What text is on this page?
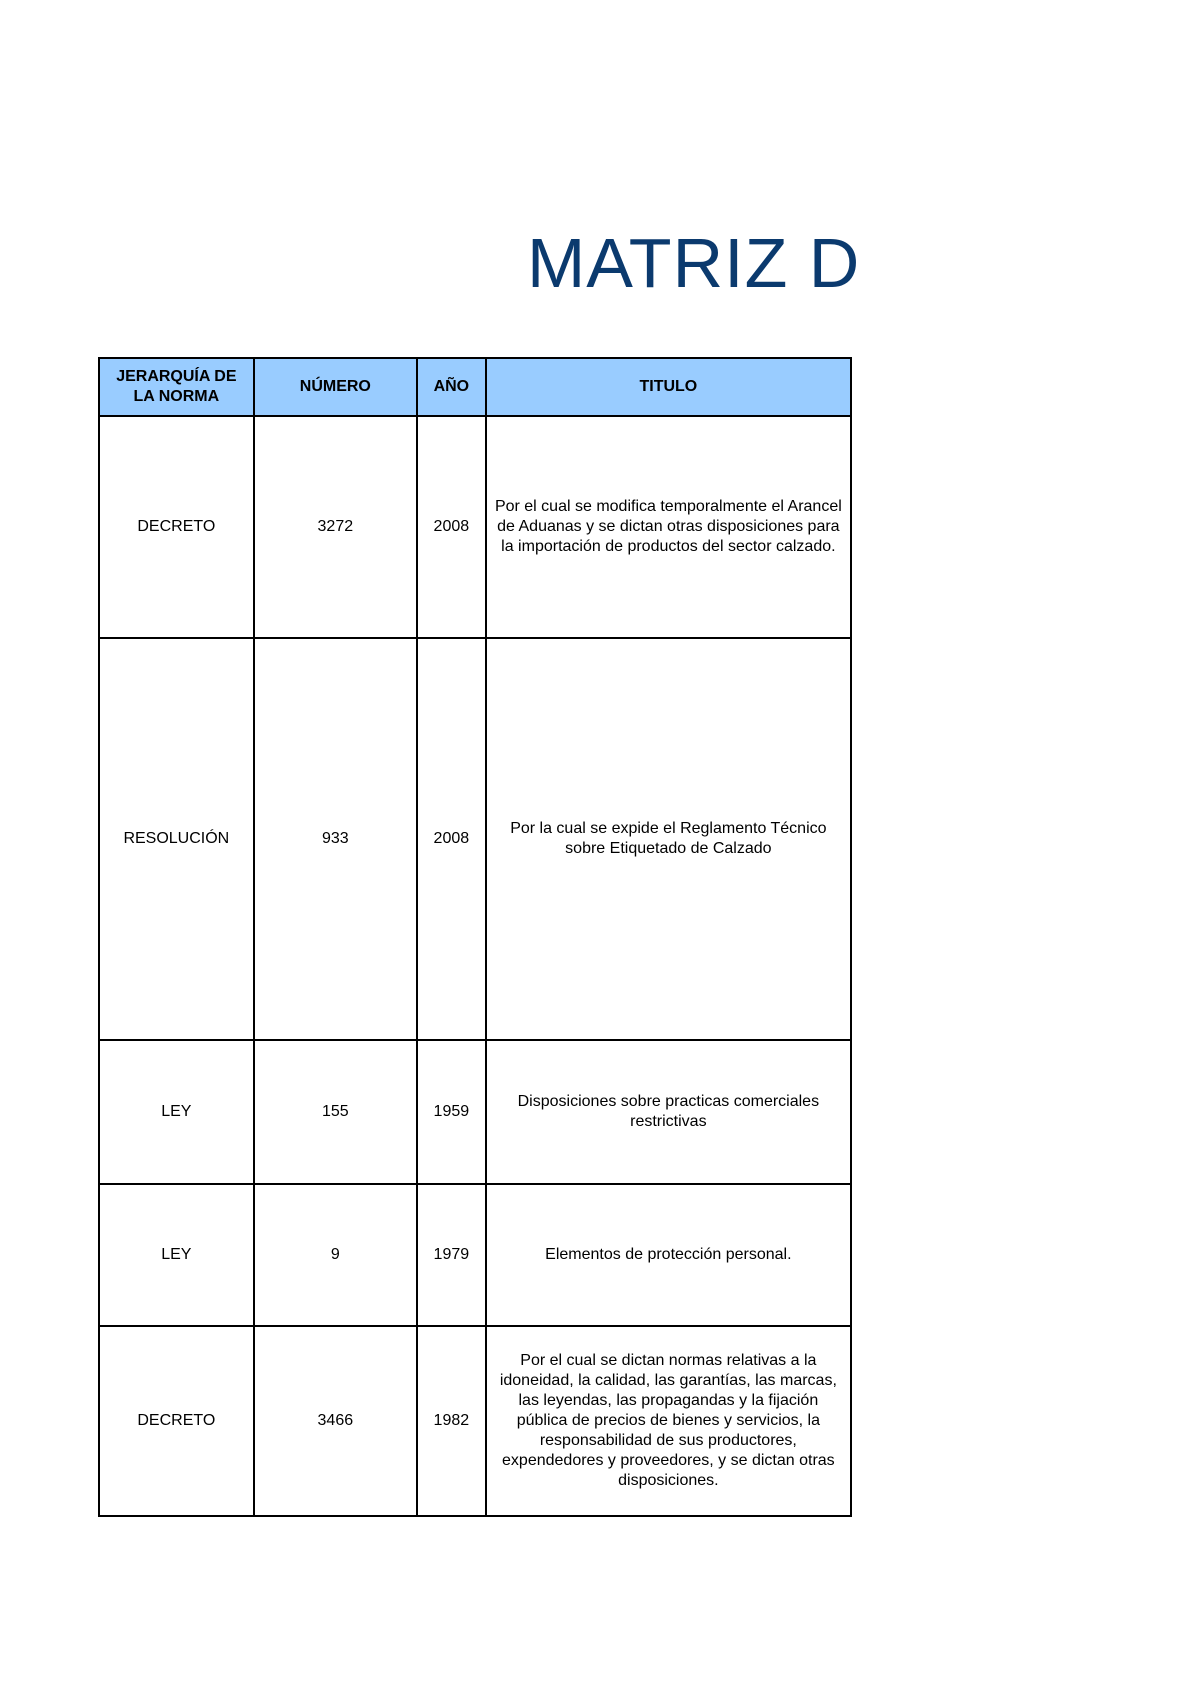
MATRIZ D
JERARQUÍA DE LA NORMA	NÚMERO	AÑO	TITULO
DECRETO	3272	2008	Por el cual se modifica temporalmente el Arancel de Aduanas y se dictan otras disposiciones para la importación de productos del sector calzado.
RESOLUCIÓN	933	2008	Por la cual se expide el Reglamento Técnico sobre Etiquetado de Calzado
LEY	155	1959	Disposiciones sobre practicas comerciales restrictivas
LEY	9	1979	Elementos de protección personal.
DECRETO	3466	1982	Por el cual se dictan normas relativas a la idoneidad, la calidad, las garantías, las marcas, las leyendas, las propagandas y la fijación pública de precios de bienes y servicios, la responsabilidad de sus productores, expendedores y proveedores, y se dictan otras disposiciones.
